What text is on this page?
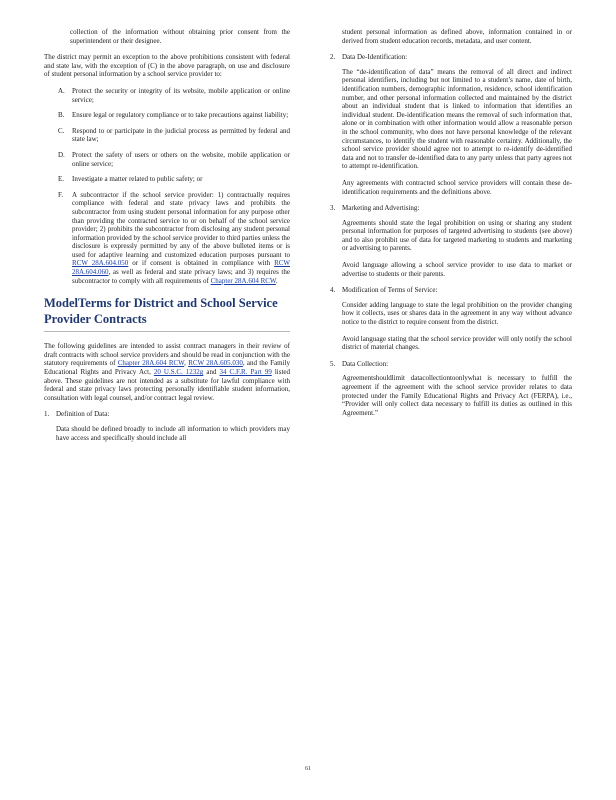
collection of the information without obtaining prior consent from the superintendent or their designee.

The district may permit an exception to the above prohibitions consistent with federal and state law, with the exception of (C) in the above paragraph, on use and disclosure of student personal information by a school service provider to:

A. Protect the security or integrity of its website, mobile application or online service;
B. Ensure legal or regulatory compliance or to take precautions against liability;
C. Respond to or participate in the judicial process as permitted by federal and state law;
D. Protect the safety of users or others on the website, mobile application or online service;
E. Investigate a matter related to public safety; or
F. A subcontractor if the school service provider: 1) contractually requires compliance with federal and state privacy laws and prohibits the subcontractor from using student personal information for any purpose other than providing the contracted service to or on behalf of the school service provider; 2) prohibits the subcontractor from disclosing any student personal information provided by the school service provider to third parties unless the disclosure is expressly permitted by any of the above bulleted items or is used for adaptive learning and customized education purposes pursuant to RCW 28A.604.050 or if consent is obtained in compliance with RCW 28A.604.060, as well as federal and state privacy laws; and 3) requires the subcontractor to comply with all requirements of Chapter 28A.604 RCW.
ModelTerms for District and School Service Provider Contracts

The following guidelines are intended to assist contract managers in their review of draft contracts with school service providers and should be read in conjunction with the statutory requirements of Chapter 28A.604 RCW, RCW 28A.605.030, and the Family Educational Rights and Privacy Act, 20 U.S.C. 1232g and 34 C.F.R. Part 99 listed above. These guidelines are not intended as a substitute for lawful compliance with federal and state privacy laws protecting personally identifiable student information, consultation with legal counsel, and/or contract legal review.

1. Definition of Data:

Data should be defined broadly to include all information to which providers may have access and specifically should include all

student personal information as defined above, information contained in or derived from student education records, metadata, and user content.

2. Data De-Identification:

The “de-identification of data” means the removal of all direct and indirect personal identifiers, including but not limited to a student’s name, date of birth, identification numbers, demographic information, residence, school identification number, and other personal information collected and maintained by the district about an individual student that is linked to information that identifies an individual student. De-identification means the removal of such information that, alone or in combination with other information would allow a reasonable person in the school community, who does not have personal knowledge of the relevant circumstances, to identify the student with reasonable certainty. Additionally, the school service provider should agree not to attempt to re-identify de-identified data and not to transfer de-identified data to any party unless that party agrees not to attempt re-identification.

Any agreements with contracted school service providers will contain these de-identification requirements and the definitions above.

3. Marketing and Advertising:

Agreements should state the legal prohibition on using or sharing any student personal information for purposes of targeted advertising to students (see above) and to also prohibit use of data for targeted marketing to students and marketing or advertising to parents.

Avoid language allowing a school service provider to use data to market or advertise to students or their parents.

4. Modification of Terms of Service:

Consider adding language to state the legal prohibition on the provider changing how it collects, uses or shares data in the agreement in any way without advance notice to the district to require consent from the district.

Avoid language stating that the school service provider will only notify the school district of material changes.

5. Data Collection:

Agreementshouldlimit datacollectiontoonlywhat is necessary to fulfill the agreement if the agreement with the school service provider relates to data protected under the Family Educational Rights and Privacy Act (FERPA), i.e., “Provider will only collect data necessary to fulfill its duties as outlined in this Agreement.”

61
